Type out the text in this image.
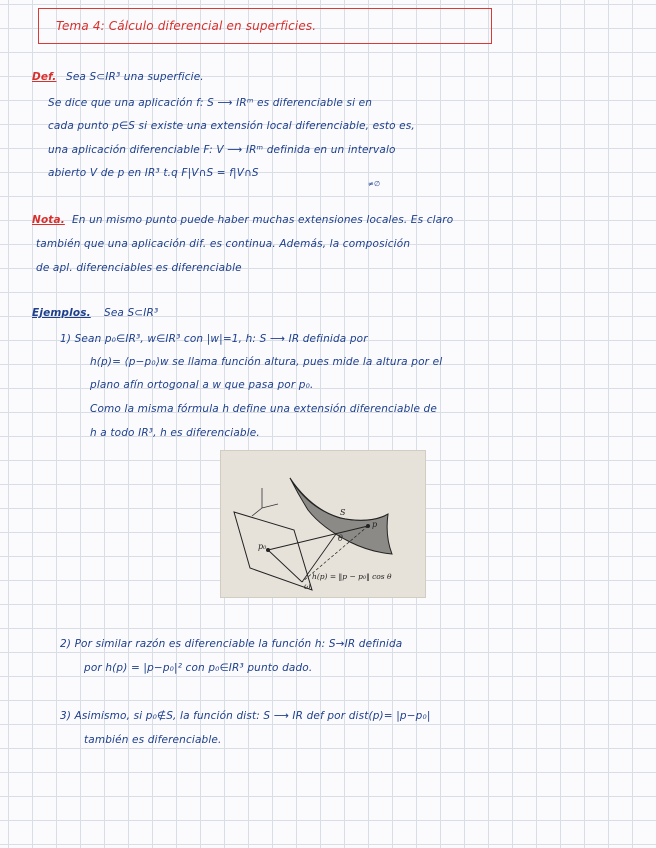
Tema 4: Cálculo diferencial en superficies.
Def. Sea S⊂IR³ una superficie.
Se dice que una aplicación f: S ⟶ IRᵐ es diferenciable si en
cada punto p∈S si existe una extensión local diferenciable, esto es,
una aplicación diferenciable F: V ⟶ IRᵐ definida en un intervalo
abierto V de p en IR³ t.q F|V∩S = f|V∩S
≠∅
Nota. En un mismo punto puede haber muchas extensiones locales. Es claro
también que una aplicación dif. es continua. Además, la composición
de apl. diferenciables es diferenciable
Ejemplos. Sea S⊂IR³
1) Sean p₀∈IR³, w∈IR³ con |w|=1, h: S ⟶ IR definida por
h(p)= ⟨p−p₀⟩w se llama función altura, pues mide la altura por el
plano afín ortogonal a w que pasa por p₀.
Como la misma fórmula h define una extensión diferenciable de
h a todo IR³, h es diferenciable.
S
p
p₀
θ
ω
h(p) = ‖p − p₀‖ cos θ
2) Por similar razón es diferenciable la función h: S→IR definida
por h(p) = |p−p₀|² con p₀∈IR³ punto dado.
3) Asimismo, si p₀∉S, la función dist: S ⟶ IR def por dist(p)= |p−p₀|
también es diferenciable.
